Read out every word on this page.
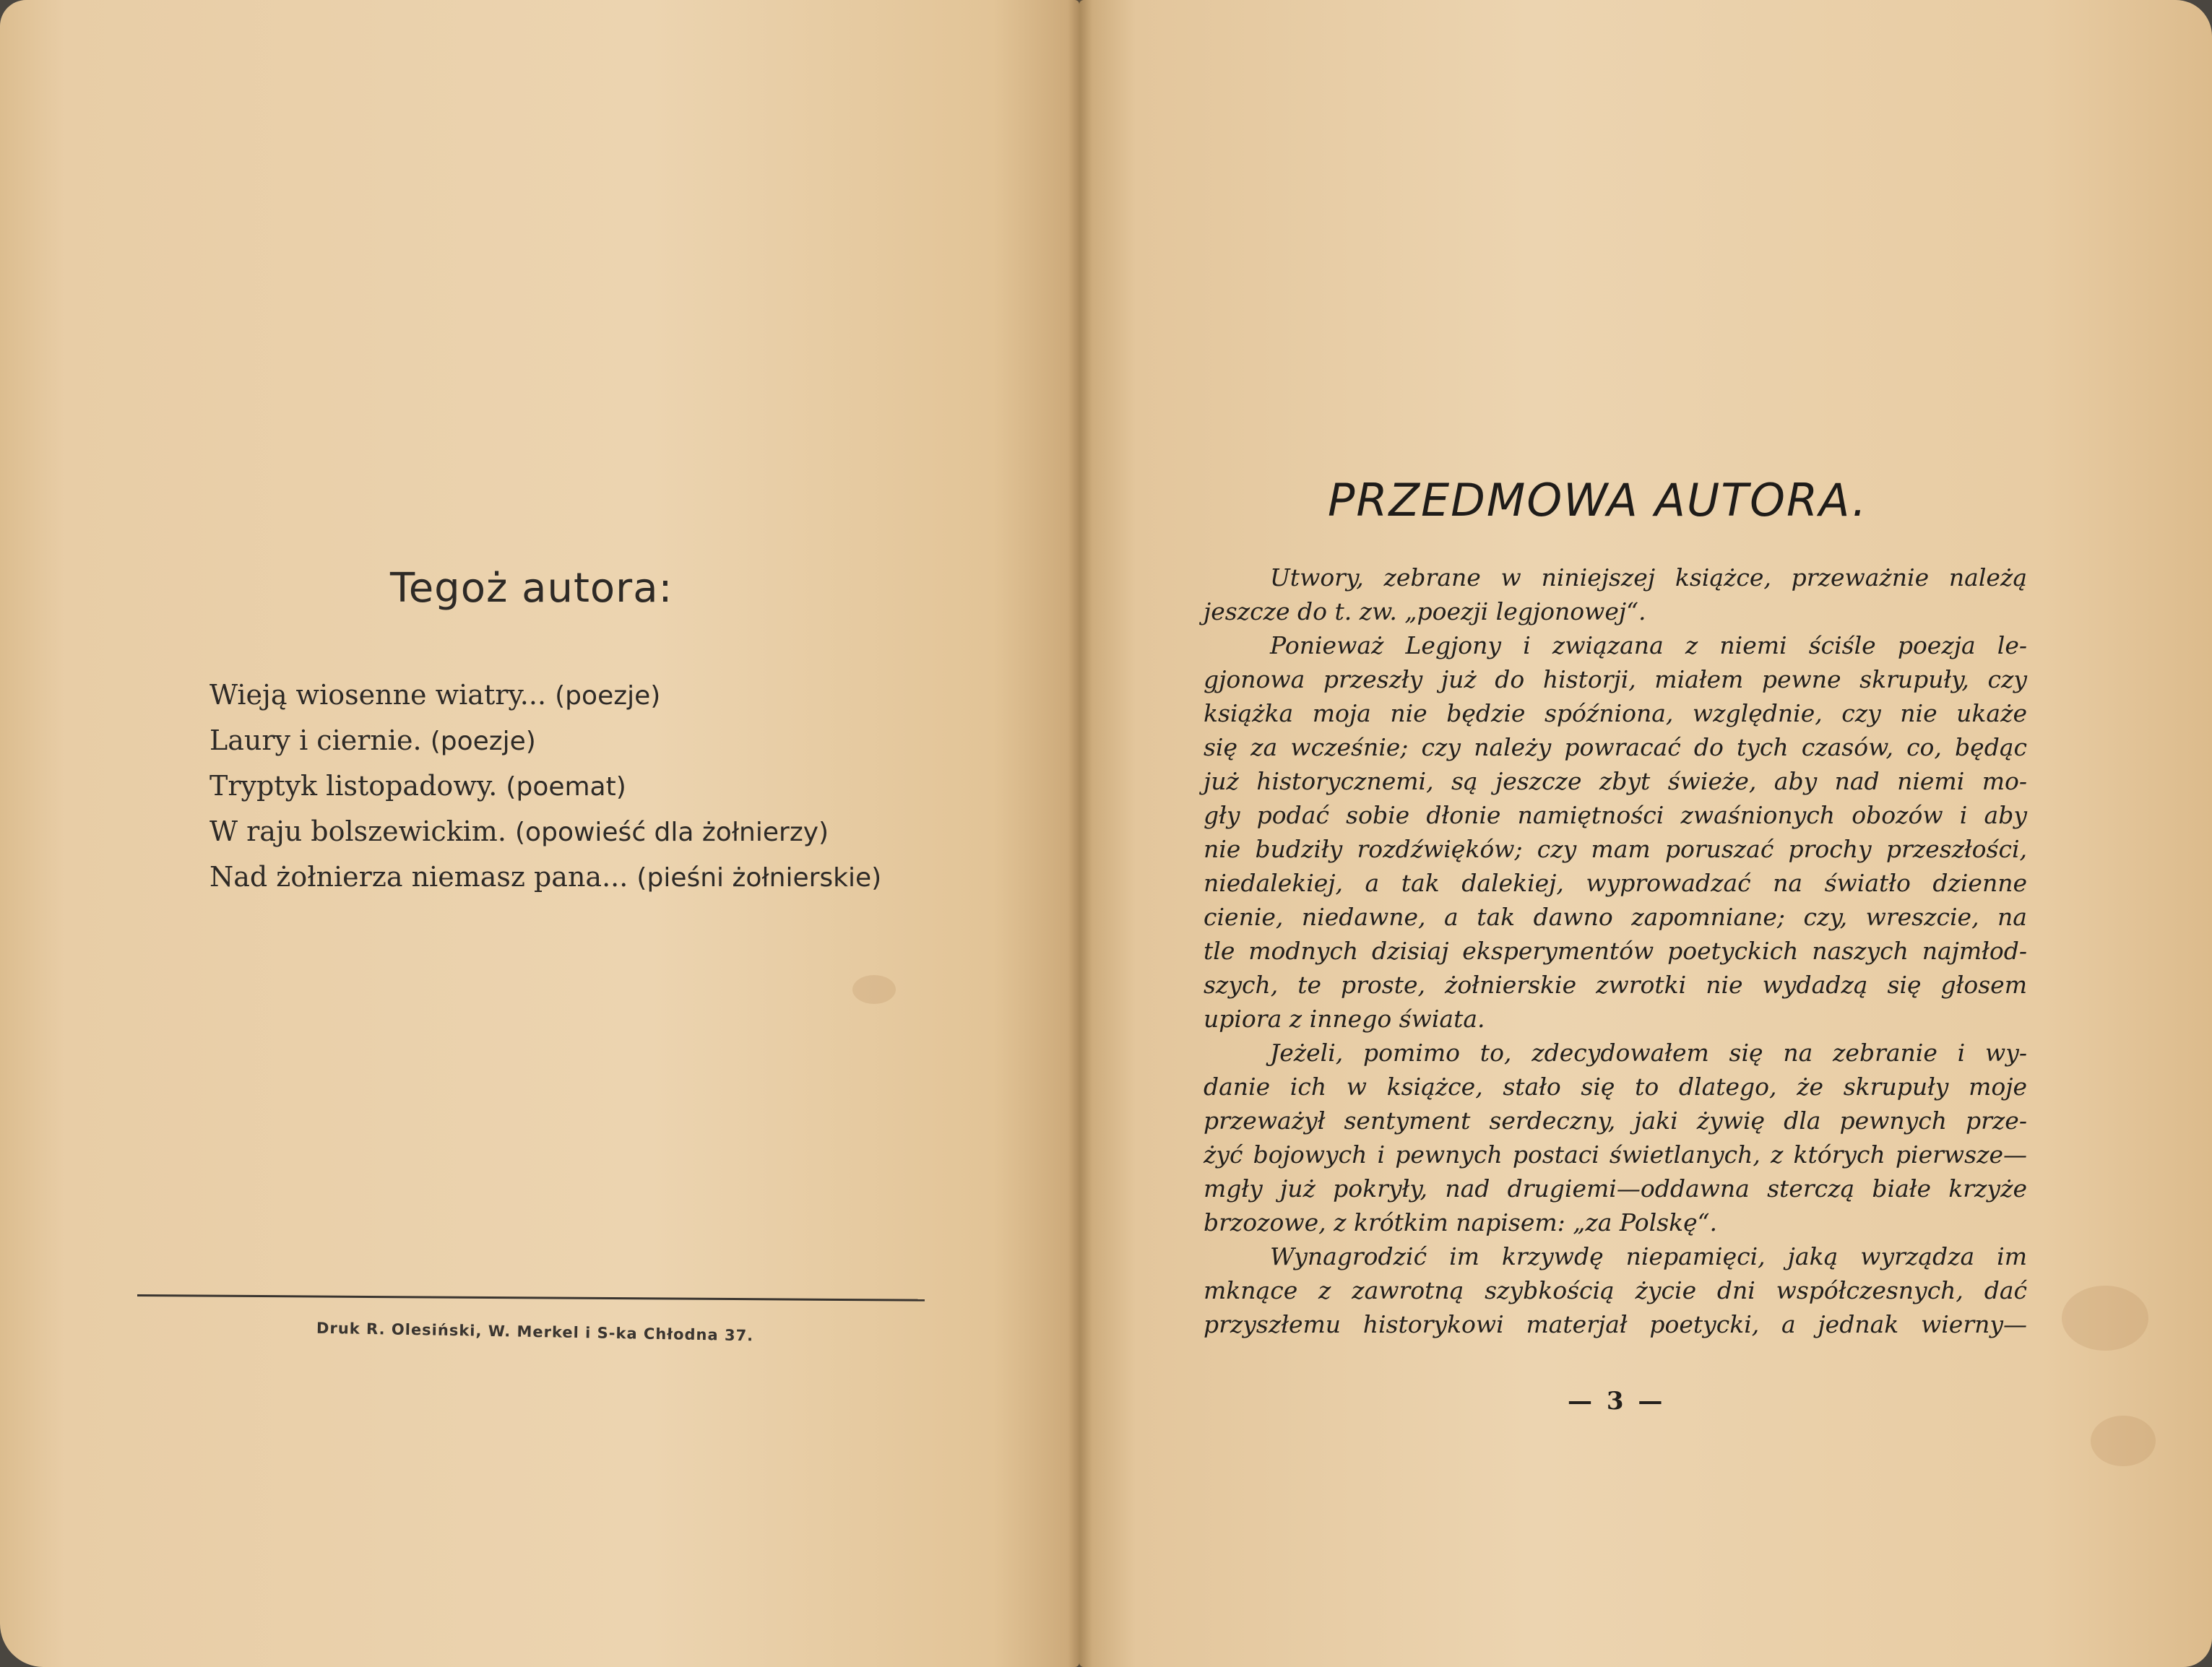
Tegoż autora:
Wieją wiosenne wiatry... (poezje)
Laury i ciernie. (poezje)
Tryptyk listopadowy. (poemat)
W raju bolszewickim. (opowieść dla żołnierzy)
Nad żołnierza niemasz pana... (pieśni żołnierskie)
Druk R. Olesiński, W. Merkel i S-ka Chłodna 37.
PRZEDMOWA AUTORA.

Utwory, zebrane w niniejszej książce, przeważnie należą
jeszcze do t. zw. „poezji legjonowej“.

Ponieważ Legjony i związana z niemi ściśle poezja le-
gjonowa przeszły już do historji, miałem pewne skrupuły, czy
książka moja nie będzie spóźniona, względnie, czy nie ukaże
się za wcześnie; czy należy powracać do tych czasów, co, będąc
już historycznemi, są jeszcze zbyt świeże, aby nad niemi mo-
gły podać sobie dłonie namiętności zwaśnionych obozów i aby
nie budziły rozdźwięków; czy mam poruszać prochy przeszłości,
niedalekiej, a tak dalekiej, wyprowadzać na światło dzienne
cienie, niedawne, a tak dawno zapomniane; czy, wreszcie, na
tle modnych dzisiaj eksperymentów poetyckich naszych najmłod-
szych, te proste, żołnierskie zwrotki nie wydadzą się głosem
upiora z innego świata.

Jeżeli, pomimo to, zdecydowałem się na zebranie i wy-
danie ich w książce, stało się to dlatego, że skrupuły moje
przeważył sentyment serdeczny, jaki żywię dla pewnych prze-
żyć bojowych i pewnych postaci świetlanych, z których pierwsze—
mgły już pokryły, nad drugiemi—oddawna sterczą białe krzyże
brzozowe, z krótkim napisem: „za Polskę“.

Wynagrodzić im krzywdę niepamięci, jaką wyrządza im
mknące z zawrotną szybkością życie dni współczesnych, dać
przyszłemu historykowi materjał poetycki, a jednak wierny—

— 3 —
